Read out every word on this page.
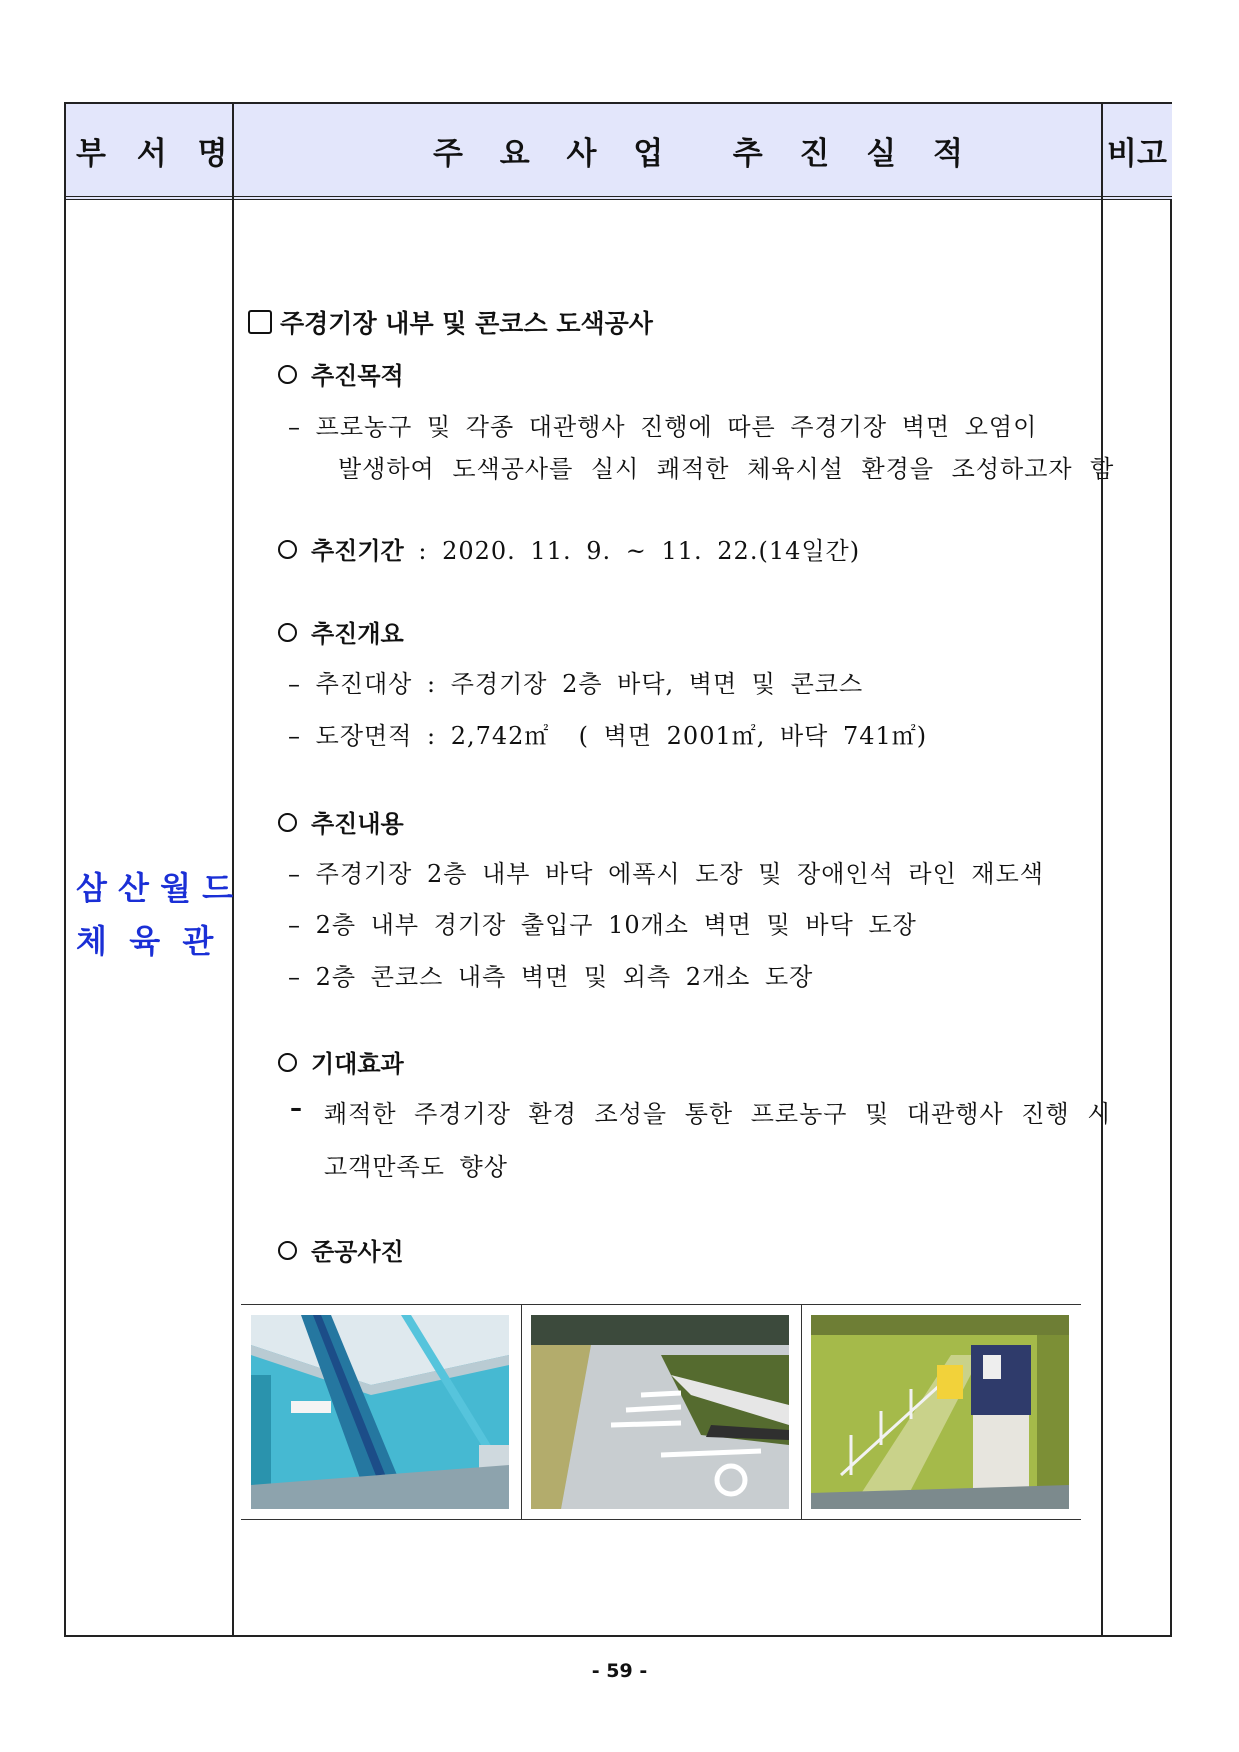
부 서 명	주 요 사 업  추 진 실 적	비고
삼 산 월 드
체  육  관
주경기장 내부 및 콘코스 도색공사
추진목적
– 프로농구 및 각종 대관행사 진행에 따른 주경기장 벽면 오염이
발생하여 도색공사를 실시 쾌적한 체육시설 환경을 조성하고자 함
추진기간 : 2020. 11. 9. ~ 11. 22.(14일간)
추진개요
– 추진대상 : 주경기장 2층 바닥, 벽면 및 콘코스
– 도장면적 : 2,742㎡  ( 벽면 2001㎡, 바닥 741㎡)
추진내용
– 주경기장 2층 내부 바닥 에폭시 도장 및 장애인석 라인 재도색
– 2층 내부 경기장 출입구 10개소 벽면 및 바닥 도장
– 2층 콘코스 내측 벽면 및 외측 2개소 도장
기대효과
– 쾌적한 주경기장 환경 조성을 통한 프로농구 및 대관행사 진행 시
고객만족도 향상
준공사진
- 59 -
